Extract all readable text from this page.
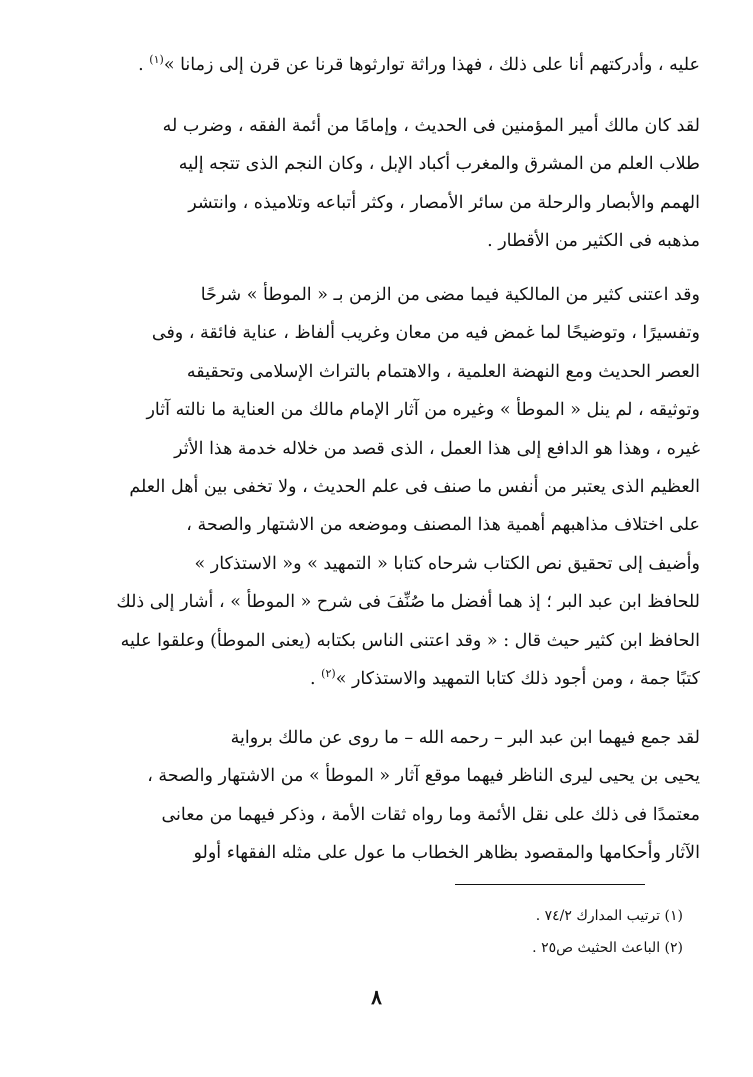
عليه ، وأدركتهم أنا على ذلك ، فهذا وراثة توارثوها قرنا عن قرن إلى زمانا »$^{(١)}$ .

لقد كان مالك أمير المؤمنين فى الحديث ، وإمامًا من أئمة الفقه ، وضرب له
طلاب العلم من المشرق والمغرب أكباد الإبل ، وكان النجم الذى تتجه إليه
الهمم والأبصار والرحلة من سائر الأمصار ، وكثر أتباعه وتلاميذه ، وانتشر
مذهبه فى الكثير من الأقطار .

وقد اعتنى كثير من المالكية فيما مضى من الزمن بـ « الموطأ » شرحًا
وتفسيرًا ، وتوضيحًا لما غمض فيه من معان وغريب ألفاظ ، عناية فائقة ، وفى
العصر الحديث ومع النهضة العلمية ، والاهتمام بالتراث الإسلامى وتحقيقه
وتوثيقه ، لم ينل « الموطأ » وغيره من آثار الإمام مالك من العناية ما نالته آثار
غيره ، وهذا هو الدافع إلى هذا العمل ، الذى قصد من خلاله خدمة هذا الأثر
العظيم الذى يعتبر من أنفس ما صنف فى علم الحديث ، ولا تخفى بين أهل العلم
على اختلاف مذاهبهم أهمية هذا المصنف وموضعه من الاشتهار والصحة ،
وأضيف إلى تحقيق نص الكتاب شرحاه كتابا « التمهيد » و« الاستذكار »
للحافظ ابن عبد البر ؛ إذ هما أفضل ما صُنِّفَ فى شرح « الموطأ » ، أشار إلى ذلك
الحافظ ابن كثير حيث قال : « وقد اعتنى الناس بكتابه (يعنى الموطأ) وعلقوا عليه
كتبًا جمة ، ومن أجود ذلك كتابا التمهيد والاستذكار »$^{(٢)}$ .

لقد جمع فيهما ابن عبد البر – رحمه الله – ما روى عن مالك برواية
يحيى بن يحيى ليرى الناظر فيهما موقع آثار « الموطأ » من الاشتهار والصحة ،
معتمدًا فى ذلك على نقل الأئمة وما رواه ثقات الأمة ، وذكر فيهما من معانى
الآثار وأحكامها والمقصود بظاهر الخطاب ما عول على مثله الفقهاء أولو

(١) ترتيب المدارك ٧٤/٢ .
(٢) الباعث الحثيث ص٢٥ .

٨
